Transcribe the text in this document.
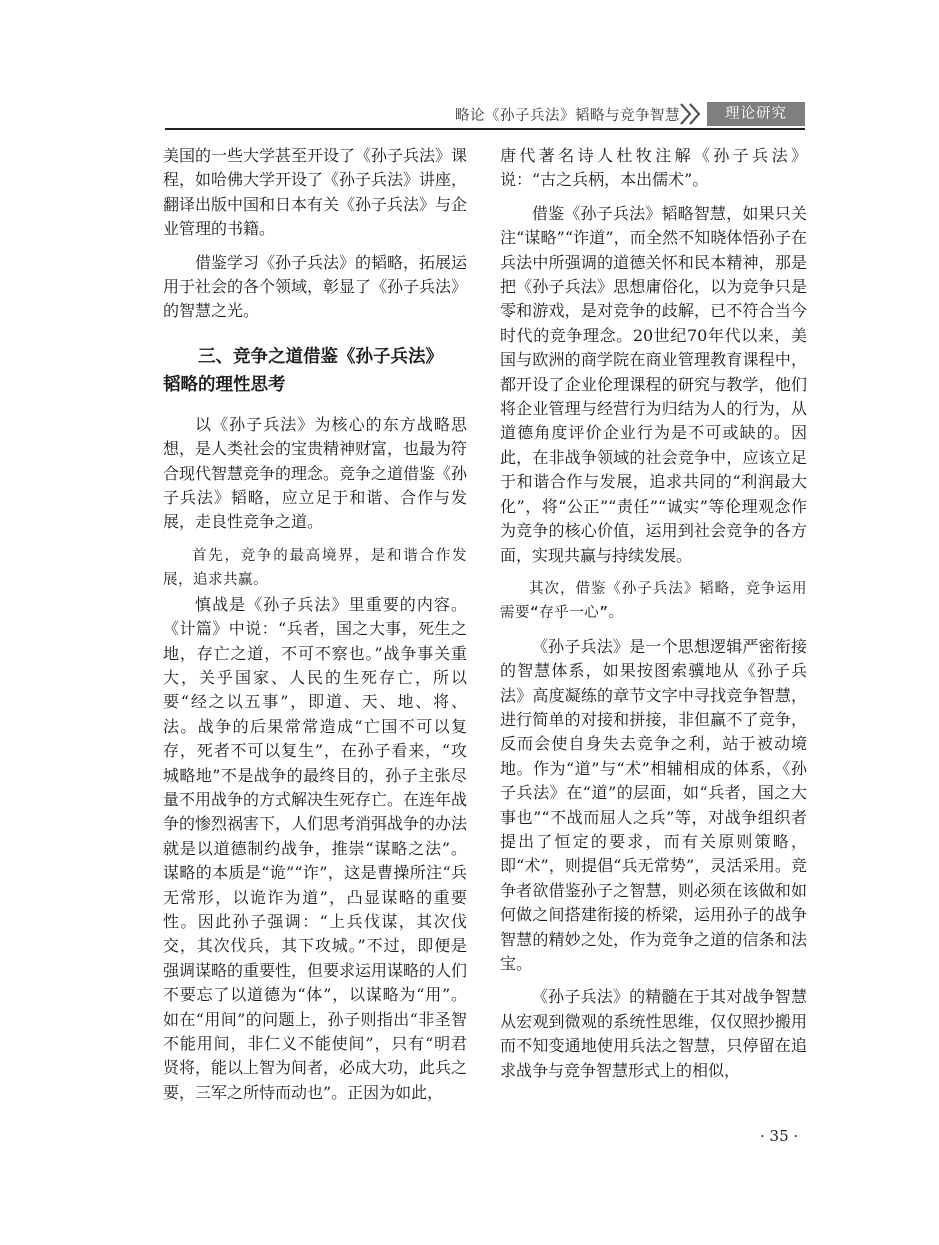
略论《孙子兵法》韬略与竞争智慧	理论研究

美国的一些大学甚至开设了《孙子兵法》课程，如哈佛大学开设了《孙子兵法》讲座，翻译出版中国和日本有关《孙子兵法》与企业管理的书籍。

借鉴学习《孙子兵法》的韬略，拓展运用于社会的各个领域，彰显了《孙子兵法》的智慧之光。

三、竞争之道借鉴《孙子兵法》
韬略的理性思考

以《孙子兵法》为核心的东方战略思想，是人类社会的宝贵精神财富，也最为符合现代智慧竞争的理念。竞争之道借鉴《孙子兵法》韬略，应立足于和谐、合作与发展，走良性竞争之道。

首先，竞争的最高境界，是和谐合作发展，追求共赢。

慎战是《孙子兵法》里重要的内容。《计篇》中说：“兵者，国之大事，死生之地，存亡之道，不可不察也。”战争事关重大，关乎国家、人民的生死存亡，所以要“经之以五事”，即道、天、地、将、法。战争的后果常常造成“亡国不可以复存，死者不可以复生”，在孙子看来，“攻城略地”不是战争的最终目的，孙子主张尽量不用战争的方式解决生死存亡。在连年战争的惨烈祸害下，人们思考消弭战争的办法就是以道德制约战争，推崇“谋略之法”。谋略的本质是“诡”“诈”，这是曹操所注“兵无常形，以诡诈为道”，凸显谋略的重要性。因此孙子强调：“上兵伐谋，其次伐交，其次伐兵，其下攻城。”不过，即便是强调谋略的重要性，但要求运用谋略的人们不要忘了以道德为“体”，以谋略为“用”。如在“用间”的问题上，孙子则指出“非圣智不能用间，非仁义不能使间”，只有“明君贤将，能以上智为间者，必成大功，此兵之要，三军之所恃而动也”。正因为如此，

唐代著名诗人杜牧注解《孙子兵法》说：“古之兵柄，本出儒术”。

借鉴《孙子兵法》韬略智慧，如果只关注“谋略”“诈道”，而全然不知晓体悟孙子在兵法中所强调的道德关怀和民本精神，那是把《孙子兵法》思想庸俗化，以为竞争只是零和游戏，是对竞争的歧解，已不符合当今时代的竞争理念。20世纪70年代以来，美国与欧洲的商学院在商业管理教育课程中，都开设了企业伦理课程的研究与教学，他们将企业管理与经营行为归结为人的行为，从道德角度评价企业行为是不可或缺的。因此，在非战争领域的社会竞争中，应该立足于和谐合作与发展，追求共同的“利润最大化”，将“公正”“责任”“诚实”等伦理观念作为竞争的核心价值，运用到社会竞争的各方面，实现共赢与持续发展。

其次，借鉴《孙子兵法》韬略，竞争运用需要“存乎一心”。

《孙子兵法》是一个思想逻辑严密衔接的智慧体系，如果按图索骥地从《孙子兵法》高度凝练的章节文字中寻找竞争智慧，进行简单的对接和拼接，非但赢不了竞争，反而会使自身失去竞争之利，站于被动境地。作为“道”与“术”相辅相成的体系，《孙子兵法》在“道”的层面，如“兵者，国之大事也”“不战而屈人之兵”等，对战争组织者提出了恒定的要求，而有关原则策略，即“术”，则提倡“兵无常势”，灵活采用。竞争者欲借鉴孙子之智慧，则必须在该做和如何做之间搭建衔接的桥梁，运用孙子的战争智慧的精妙之处，作为竞争之道的信条和法宝。

《孙子兵法》的精髓在于其对战争智慧从宏观到微观的系统性思维，仅仅照抄搬用而不知变通地使用兵法之智慧，只停留在追求战争与竞争智慧形式上的相似，

· 35 ·
